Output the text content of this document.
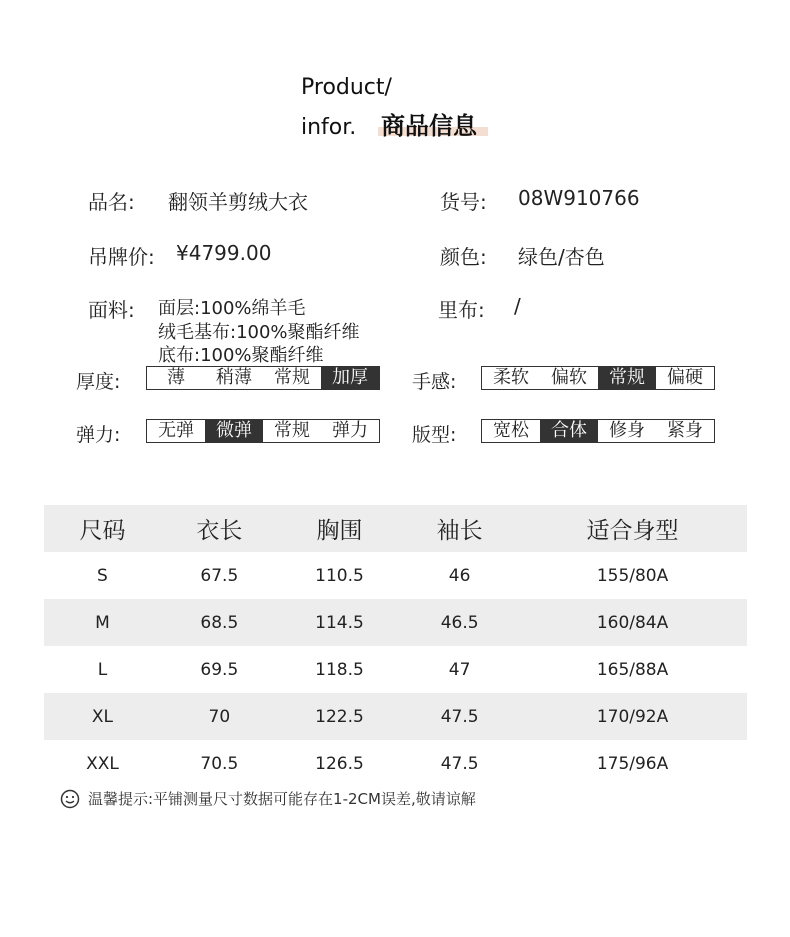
Product/
infor. 商品信息
品名: 翻领羊剪绒大衣	货号: 08W910766
吊牌价: ¥4799.00	颜色: 绿色/杏色
面料: 面层:100%绵羊毛
绒毛基布:100%聚酯纤维
底布:100%聚酯纤维
里布: /
厚度:	薄	稍薄	常规	加厚	手感:	柔软	偏软	常规	偏硬
弹力:	无弹	微弹	常规	弹力	版型:	宽松	合体	修身	紧身
尺码	衣长	胸围	袖长	适合身型
S	67.5	110.5	46	155/80A
M	68.5	114.5	46.5	160/84A
L	69.5	118.5	47	165/88A
XL	70	122.5	47.5	170/92A
XXL	70.5	126.5	47.5	175/96A
温馨提示:平铺测量尺寸数据可能存在1-2CM误差,敬请谅解
